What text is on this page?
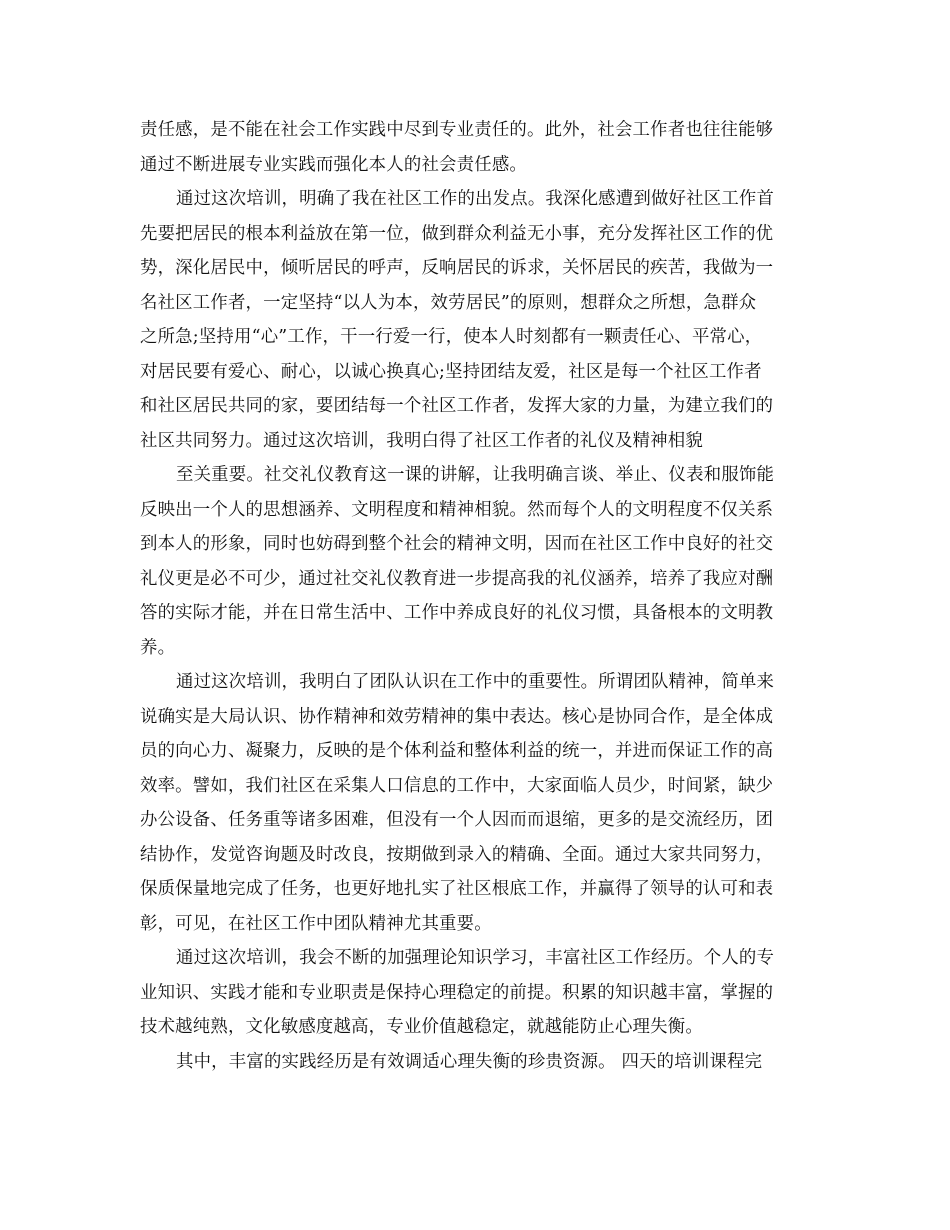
责任感，是不能在社会工作实践中尽到专业责任的。此外，社会工作者也往往能够
通过不断进展专业实践而强化本人的社会责任感。
通过这次培训，明确了我在社区工作的出发点。我深化感遭到做好社区工作首
先要把居民的根本利益放在第一位，做到群众利益无小事，充分发挥社区工作的优
势，深化居民中，倾听居民的呼声，反响居民的诉求，关怀居民的疾苦，我做为一
名社区工作者，一定坚持“以人为本，效劳居民”的原则，想群众之所想，急群众
之所急;坚持用“心”工作，干一行爱一行，使本人时刻都有一颗责任心、平常心，
对居民要有爱心、耐心，以诚心换真心;坚持团结友爱，社区是每一个社区工作者
和社区居民共同的家，要团结每一个社区工作者，发挥大家的力量，为建立我们的
社区共同努力。通过这次培训，我明白得了社区工作者的礼仪及精神相貌
至关重要。社交礼仪教育这一课的讲解，让我明确言谈、举止、仪表和服饰能
反映出一个人的思想涵养、文明程度和精神相貌。然而每个人的文明程度不仅关系
到本人的形象，同时也妨碍到整个社会的精神文明，因而在社区工作中良好的社交
礼仪更是必不可少，通过社交礼仪教育进一步提高我的礼仪涵养，培养了我应对酬
答的实际才能，并在日常生活中、工作中养成良好的礼仪习惯，具备根本的文明教
养。
通过这次培训，我明白了团队认识在工作中的重要性。所谓团队精神，简单来
说确实是大局认识、协作精神和效劳精神的集中表达。核心是协同合作，是全体成
员的向心力、凝聚力，反映的是个体利益和整体利益的统一，并进而保证工作的高
效率。譬如，我们社区在采集人口信息的工作中，大家面临人员少，时间紧，缺少
办公设备、任务重等诸多困难，但没有一个人因而而退缩，更多的是交流经历，团
结协作，发觉咨询题及时改良，按期做到录入的精确、全面。通过大家共同努力，
保质保量地完成了任务，也更好地扎实了社区根底工作，并赢得了领导的认可和表
彰，可见，在社区工作中团队精神尤其重要。
通过这次培训，我会不断的加强理论知识学习，丰富社区工作经历。个人的专
业知识、实践才能和专业职责是保持心理稳定的前提。积累的知识越丰富，掌握的
技术越纯熟，文化敏感度越高，专业价值越稳定，就越能防止心理失衡。
其中，丰富的实践经历是有效调适心理失衡的珍贵资源。 四天的培训课程完
